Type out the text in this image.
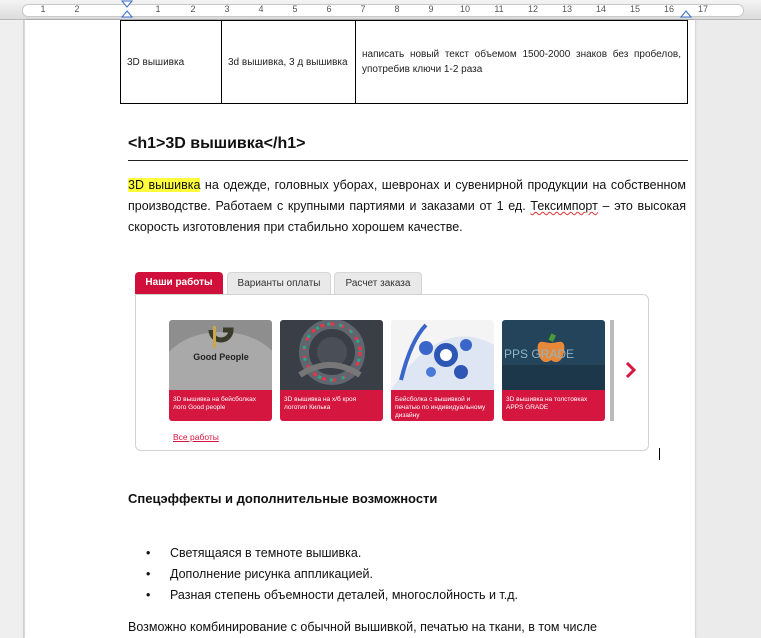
1	2	1	2	3	4	5	6	7	8	9	10	11	12	13	14	15	16	17
3D вышивка	3d вышивка, 3 д вышивка	написать новый текст объемом 1500-2000 знаков без пробелов, употребив ключи 1-2 раза
<h1>3D вышивка</h1>
3D вышивка на одежде, головных уборах, шевронах и сувенирной продукции на собственном производстве. Работаем с крупными партиями и заказами от 1 ед. Тексимпорт – это высокая скорость изготовления при стабильно хорошем качестве.
Наши работы	Варианты оплаты	Расчет заказа
Good People
3D вышивка на бейсболках лого Good people
3D вышивка на х/б кроя логотип Килька
Бейсболка с вышивкой и печатью по индивидуальному дизайну
PPS GRADE
3D вышивка на толстовках APPS GRADE
Все работы
Спецэффекты и дополнительные возможности
• Светящаяся в темноте вышивка.
• Дополнение рисунка аппликацией.
• Разная степень объемности деталей, многослойность и т.д.
Возможно комбинирование с обычной вышивкой, печатью на ткани, в том числе
